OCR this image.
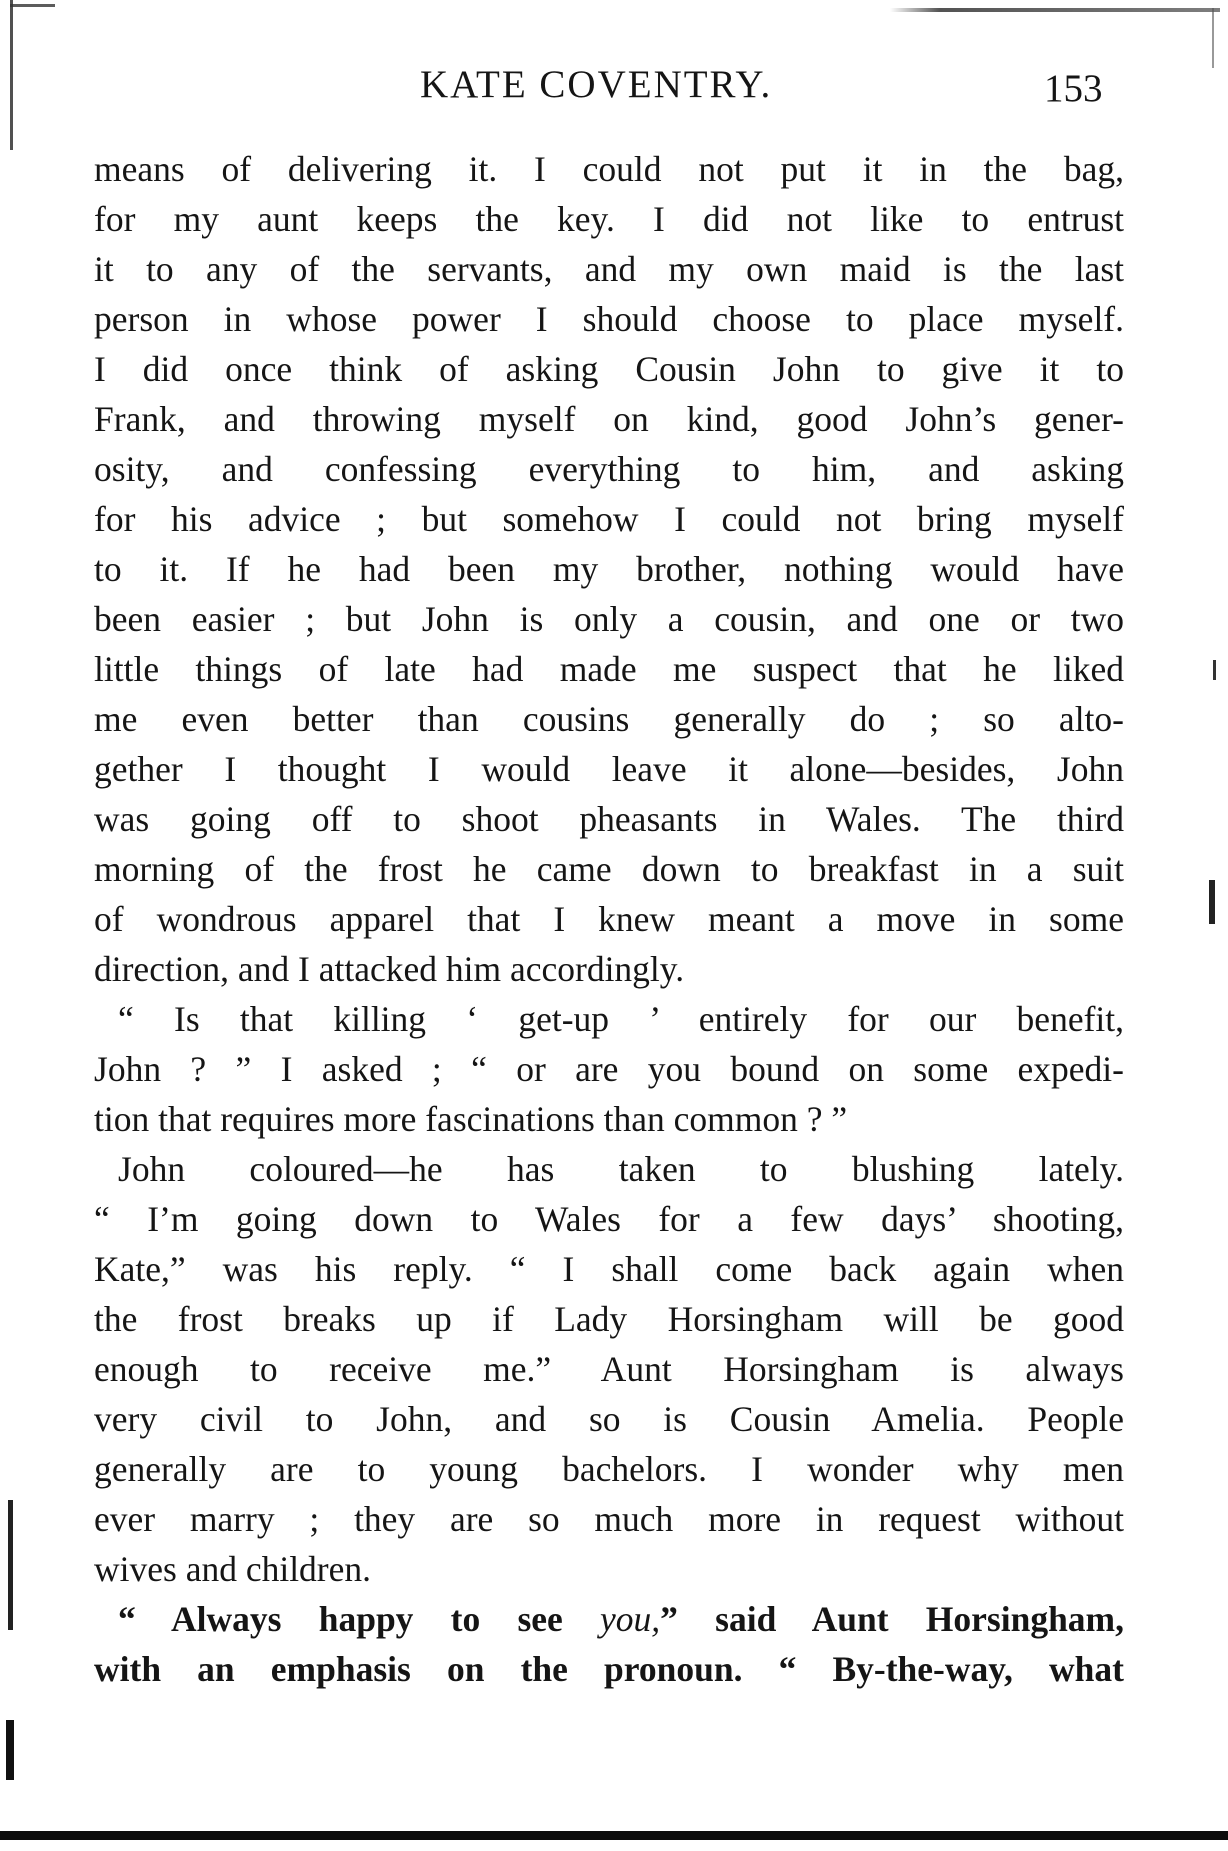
KATE COVENTRY.	153
means of delivering it. I could not put it in the bag,
for my aunt keeps the key. I did not like to entrust
it to any of the servants, and my own maid is the last
person in whose power I should choose to place myself.
I did once think of asking Cousin John to give it to
Frank, and throwing myself on kind, good John’s gener-
osity, and confessing everything to him, and asking
for his advice ; but somehow I could not bring myself
to it. If he had been my brother, nothing would have
been easier ; but John is only a cousin, and one or two
little things of late had made me suspect that he liked
me even better than cousins generally do ; so alto-
gether I thought I would leave it alone—besides, John
was going off to shoot pheasants in Wales. The third
morning of the frost he came down to breakfast in a suit
of wondrous apparel that I knew meant a move in some
direction, and I attacked him accordingly.
“ Is that killing ‘ get-up ’ entirely for our benefit,
John ? ” I asked ; “ or are you bound on some expedi-
tion that requires more fascinations than common ? ”
John coloured—he has taken to blushing lately.
“ I’m going down to Wales for a few days’ shooting,
Kate,” was his reply. “ I shall come back again when
the frost breaks up if Lady Horsingham will be good
enough to receive me.” Aunt Horsingham is always
very civil to John, and so is Cousin Amelia. People
generally are to young bachelors. I wonder why men
ever marry ; they are so much more in request without
wives and children.
“ Always happy to see you,” said Aunt Horsingham,
with an emphasis on the pronoun. “ By-the-way, what
